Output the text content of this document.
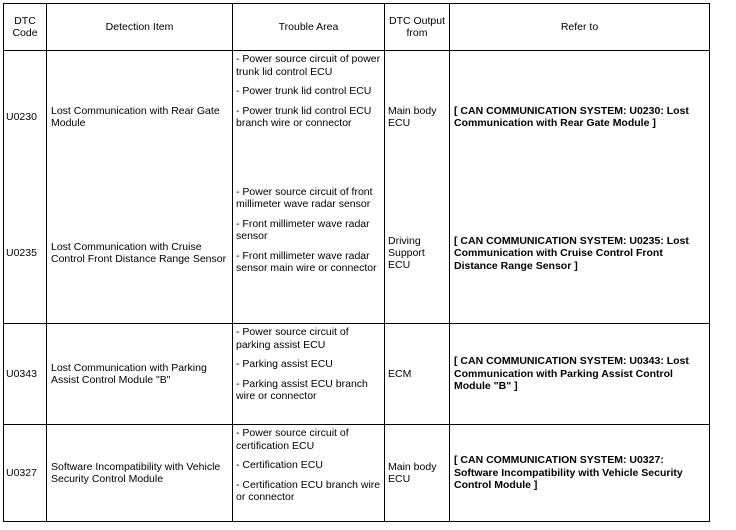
DTC Code	Detection Item	Trouble Area	DTC Output from	Refer to
U0230	Lost Communication with Rear Gate Module	- Power source circuit of power trunk lid control ECU

- Power trunk lid control ECU

- Power trunk lid control ECU branch wire or connector	Main body ECU	[ CAN COMMUNICATION SYSTEM: U0230: Lost Communication with Rear Gate Module ]
U0235	Lost Communication with Cruise Control Front Distance Range Sensor	- Power source circuit of front millimeter wave radar sensor

- Front millimeter wave radar sensor

- Front millimeter wave radar sensor main wire or connector	Driving Support ECU	[ CAN COMMUNICATION SYSTEM: U0235: Lost Communication with Cruise Control Front Distance Range Sensor ]
U0343	Lost Communication with Parking Assist Control Module "B"	- Power source circuit of parking assist ECU

- Parking assist ECU

- Parking assist ECU branch wire or connector	ECM	[ CAN COMMUNICATION SYSTEM: U0343: Lost Communication with Parking Assist Control Module "B" ]
U0327	Software Incompatibility with Vehicle Security Control Module	- Power source circuit of certification ECU

- Certification ECU

- Certification ECU branch wire or connector	Main body ECU	[ CAN COMMUNICATION SYSTEM: U0327: Software Incompatibility with Vehicle Security Control Module ]
